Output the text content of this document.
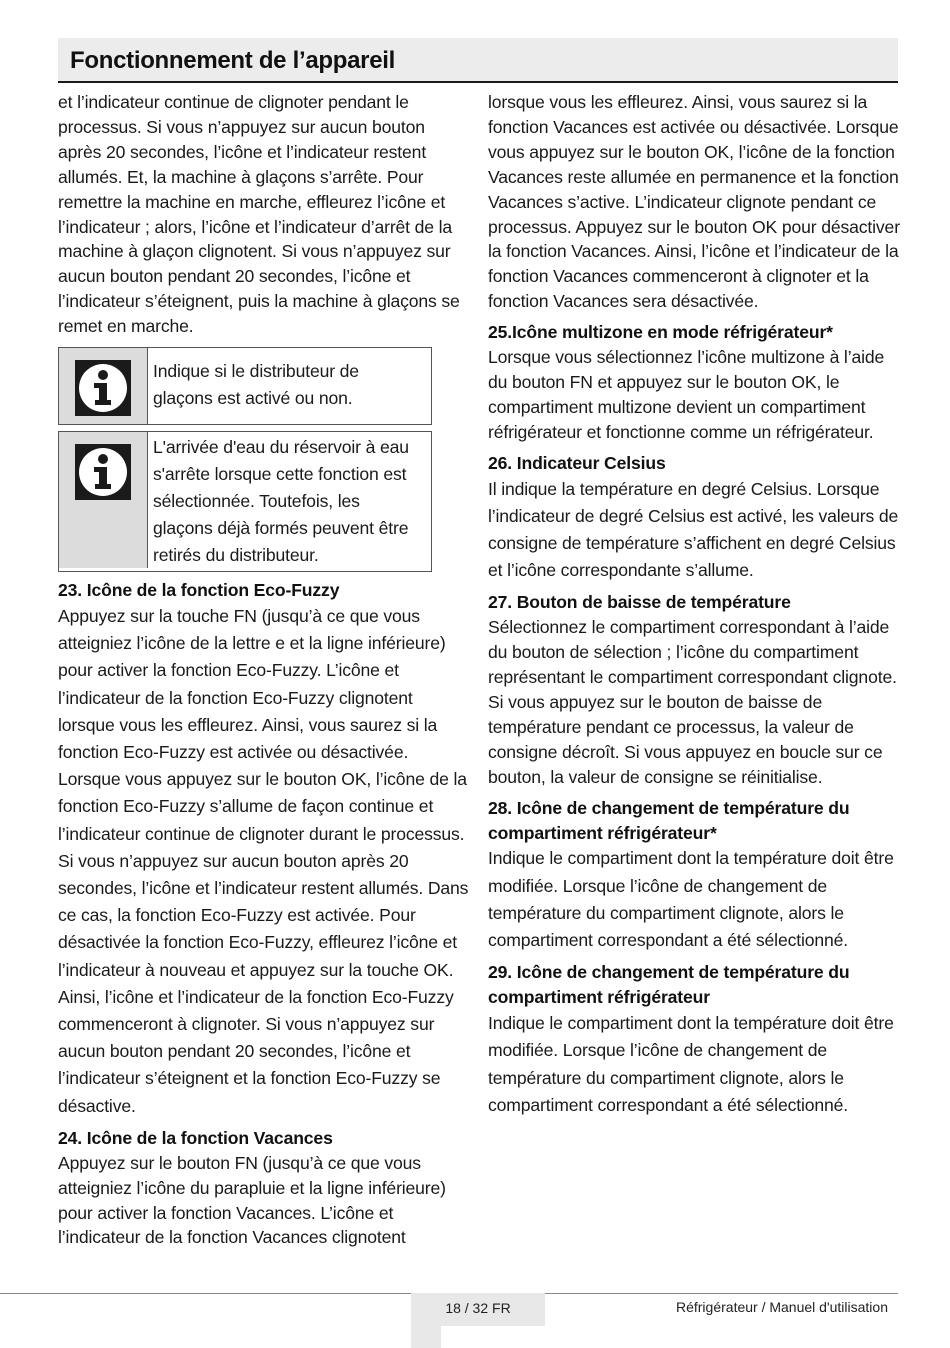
Fonctionnement de l’appareil

et l’indicateur continue de clignoter pendant le processus. Si vous n’appuyez sur aucun bouton après 20 secondes, l’icône et l’indicateur restent allumés. Et, la machine à glaçons s’arrête. Pour remettre la machine en marche, effleurez l’icône et l’indicateur ; alors, l’icône et l’indicateur d’arrêt de la machine à glaçon clignotent. Si vous n’appuyez sur aucun bouton pendant 20 secondes, l’icône et l’indicateur s’éteignent, puis la machine à glaçons se remet en marche.

Indique si le distributeur de glaçons est activé ou non.
L'arrivée d'eau du réservoir à eau s'arrête lorsque cette fonction est sélectionnée. Toutefois, les glaçons déjà formés peuvent être retirés du distributeur.
23. Icône de la fonction Eco-Fuzzy

Appuyez sur la touche FN (jusqu’à ce que vous atteigniez l’icône de la lettre e et la ligne inférieure) pour activer la fonction Eco-Fuzzy. L’icône et l’indicateur de la fonction Eco-Fuzzy clignotent lorsque vous les effleurez. Ainsi, vous saurez si la fonction Eco-Fuzzy est activée ou désactivée. Lorsque vous appuyez sur le bouton OK, l’icône de la fonction Eco-Fuzzy s’allume de façon continue et l’indicateur continue de clignoter durant le processus. Si vous n’appuyez sur aucun bouton après 20 secondes, l’icône et l’indicateur restent allumés. Dans ce cas, la fonction Eco-Fuzzy est activée. Pour désactivée la fonction Eco-Fuzzy, effleurez l’icône et l’indicateur à nouveau et appuyez sur la touche OK. Ainsi, l’icône et l’indicateur de la fonction Eco-Fuzzy commenceront à clignoter. Si vous n’appuyez sur aucun bouton pendant 20 secondes, l’icône et l’indicateur s’éteignent et la fonction Eco-Fuzzy se désactive.

24. Icône de la fonction Vacances

Appuyez sur le bouton FN (jusqu’à ce que vous atteigniez l’icône du parapluie et la ligne inférieure) pour activer la fonction Vacances. L’icône et l’indicateur de la fonction Vacances clignotent

lorsque vous les effleurez. Ainsi, vous saurez si la fonction Vacances est activée ou désactivée. Lorsque vous appuyez sur le bouton OK, l’icône de la fonction Vacances reste allumée en permanence et la fonction Vacances s’active. L’indicateur clignote pendant ce processus. Appuyez sur le bouton OK pour désactiver la fonction Vacances. Ainsi, l’icône et l’indicateur de la fonction Vacances commenceront à clignoter et la fonction Vacances sera désactivée.

25.Icône multizone en mode réfrigérateur*

Lorsque vous sélectionnez l’icône multizone à l’aide du bouton FN et appuyez sur le bouton OK, le compartiment multizone devient un compartiment réfrigérateur et fonctionne comme un réfrigérateur.

26. Indicateur Celsius

Il indique la température en degré Celsius. Lorsque l’indicateur de degré Celsius est activé, les valeurs de consigne de température s’affichent en degré Celsius et l’icône correspondante s’allume.

27. Bouton de baisse de température

Sélectionnez le compartiment correspondant à l’aide du bouton de sélection ; l’icône du compartiment représentant le compartiment correspondant clignote. Si vous appuyez sur le bouton de baisse de température pendant ce processus, la valeur de consigne décroît. Si vous appuyez en boucle sur ce bouton, la valeur de consigne se réinitialise.

28. Icône de changement de température du compartiment réfrigérateur*

Indique le compartiment dont la température doit être modifiée. Lorsque l’icône de changement de température du compartiment clignote, alors le compartiment correspondant a été sélectionné.

29. Icône de changement de température du compartiment réfrigérateur

Indique le compartiment dont la température doit être modifiée. Lorsque l’icône de changement de température du compartiment clignote, alors le compartiment correspondant a été sélectionné.

18 / 32 FR	Réfrigérateur / Manuel d'utilisation
